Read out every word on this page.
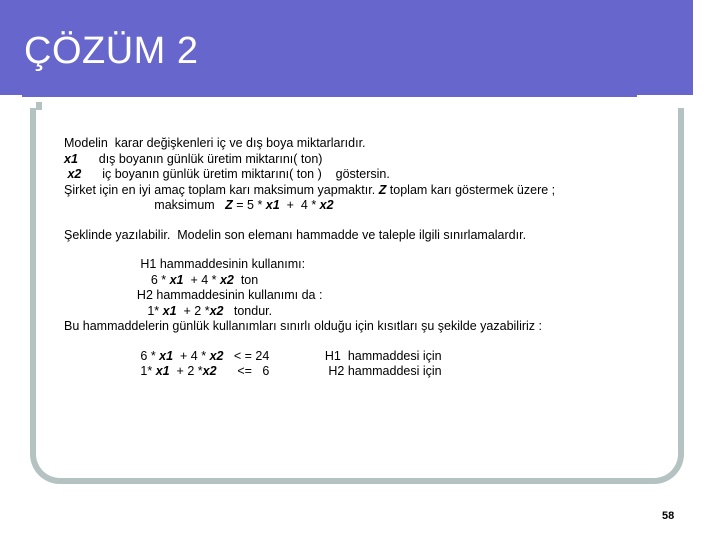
ÇÖZÜM 2
Modelin  karar değişkenleri iç ve dış boya miktarlarıdır.
x1      dış boyanın günlük üretim miktarını( ton)
x2      iç boyanın günlük üretim miktarını( ton )    göstersin.
Şirket için en iyi amaç toplam karı maksimum yapmaktır. Z toplam karı göstermek üzere ;
maksimum   Z = 5 * x1  +  4 * x2
Şeklinde yazılabilir.  Modelin son elemanı hammadde ve taleple ilgili sınırlamalardır.
H1 hammaddesinin kullanımı:
6 * x1  + 4 * x2  ton
H2 hammaddesinin kullanımı da :
1* x1  + 2 *x2   tondur.
Bu hammaddelerin günlük kullanımları sınırlı olduğu için kısıtları şu şekilde yazabiliriz :
6 * x1  + 4 * x2   < = 24                H1  hammaddesi için
1* x1  + 2 *x2      <=   6                 H2 hammaddesi için
58
